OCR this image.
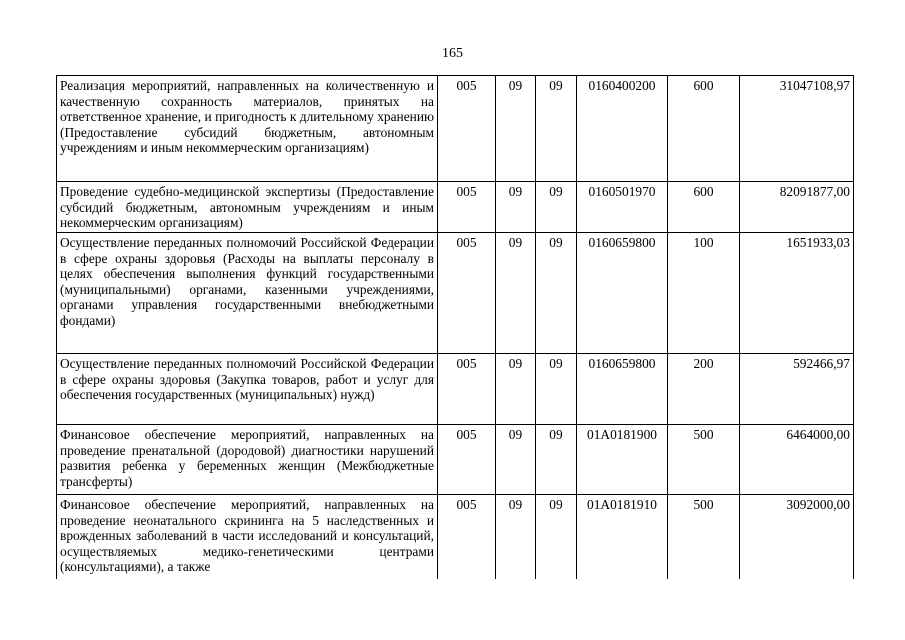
165
Реализация мероприятий, направленных на количественную и качественную сохранность материалов, принятых на ответственное хранение, и пригодность к длительному хранению (Предоставление субсидий бюджетным, автономным учреждениям и иным некоммерческим организациям)	005	09	09	0160400200	600	31047108,97
Проведение судебно-медицинской экспертизы (Предоставление субсидий бюджетным, автономным учреждениям и иным некоммерческим организациям)	005	09	09	0160501970	600	82091877,00
Осуществление переданных полномочий Российской Федерации в сфере охраны здоровья (Расходы на выплаты персоналу в целях обеспечения выполнения функций государственными (муниципальными) органами, казенными учреждениями, органами управления государственными внебюджетными фондами)	005	09	09	0160659800	100	1651933,03
Осуществление переданных полномочий Российской Федерации в сфере охраны здоровья (Закупка товаров, работ и услуг для обеспечения государственных (муниципальных) нужд)	005	09	09	0160659800	200	592466,97
Финансовое обеспечение мероприятий, направленных на проведение пренатальной (дородовой) диагностики нарушений развития ребенка у беременных женщин (Межбюджетные трансферты)	005	09	09	01А0181900	500	6464000,00
Финансовое обеспечение мероприятий, направленных на проведение неонатального скрининга на 5 наследственных и врожденных заболеваний в части исследований и консультаций, осуществляемых медико-генетическими центрами (консультациями), а также	005	09	09	01А0181910	500	3092000,00
